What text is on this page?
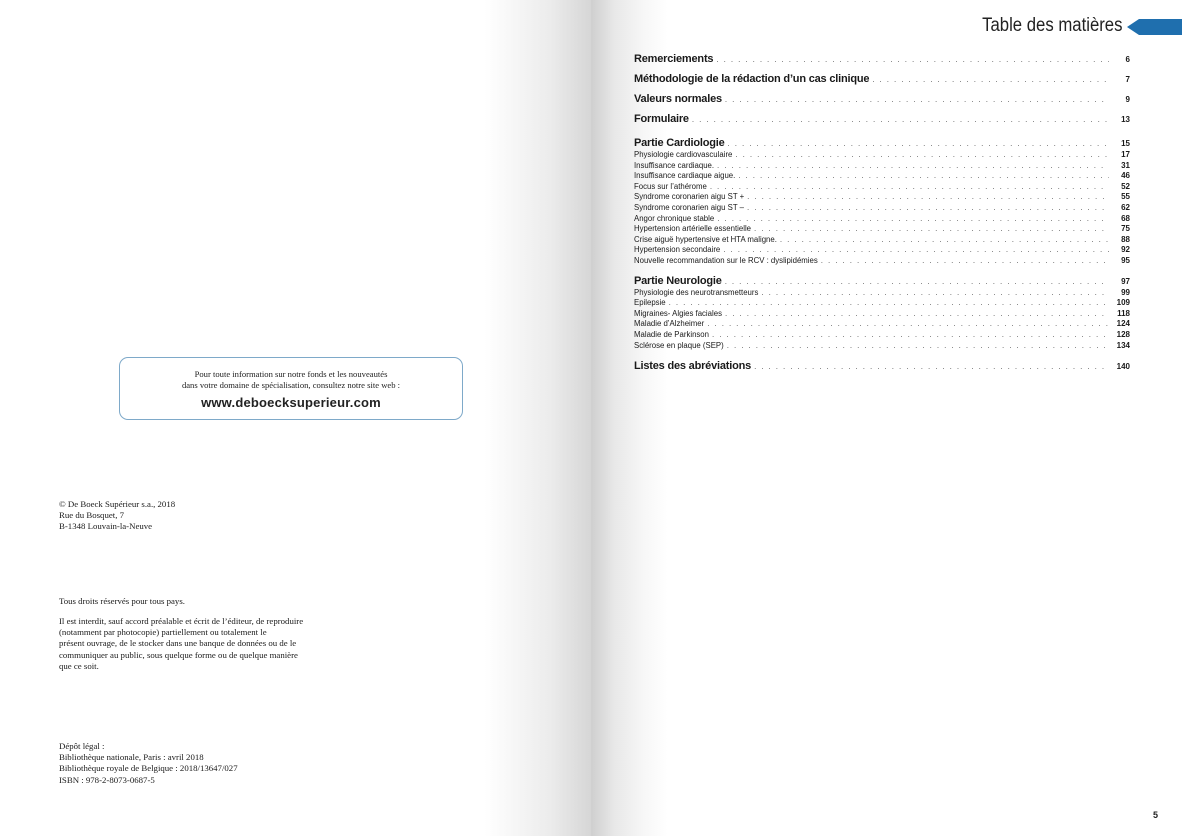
Pour toute information sur notre fonds et les nouveautés
dans votre domaine de spécialisation, consultez notre site web :
www.deboecksuperieur.com
© De Boeck Supérieur s.a., 2018
Rue du Bosquet, 7
B-1348 Louvain-la-Neuve
Tous droits réservés pour tous pays.
Il est interdit, sauf accord préalable et écrit de l’éditeur, de reproduire
(notamment par photocopie) partiellement ou totalement le
présent ouvrage, de le stocker dans une banque de données ou de le
communiquer au public, sous quelque forme ou de quelque manière
que ce soit.
Dépôt légal :
Bibliothèque nationale, Paris : avril 2018
Bibliothèque royale de Belgique : 2018/13647/027
ISBN : 978-2-8073-0687-5
Table des matières
Remerciements . . .	6
Méthodologie de la rédaction d’un cas clinique . . .	7
Valeurs normales . . .	9
Formulaire . . .	13
Partie Cardiologie . . .	15
Physiologie cardiovasculaire . . .	17
Insuffisance cardiaque. . . .	31
Insuffisance cardiaque aigue. . . .	46
Focus sur l’athérome . . .	52
Syndrome coronarien aigu ST + . . .	55
Syndrome coronarien aigu ST – . . .	62
Angor chronique stable . . .	68
Hypertension artérielle essentielle . . .	75
Crise aiguë hypertensive et HTA maligne. . . .	88
Hypertension secondaire . . .	92
Nouvelle recommandation sur le RCV : dyslipidémies . . .	95
Partie Neurologie . . .	97
Physiologie des neurotransmetteurs . . .	99
Epilepsie . . .	109
Migraines- Algies faciales . . .	118
Maladie d’Alzheimer . . .	124
Maladie de Parkinson . . .	128
Sclérose en plaque (SEP) . . .	134
Listes des abréviations . . .	140
5
